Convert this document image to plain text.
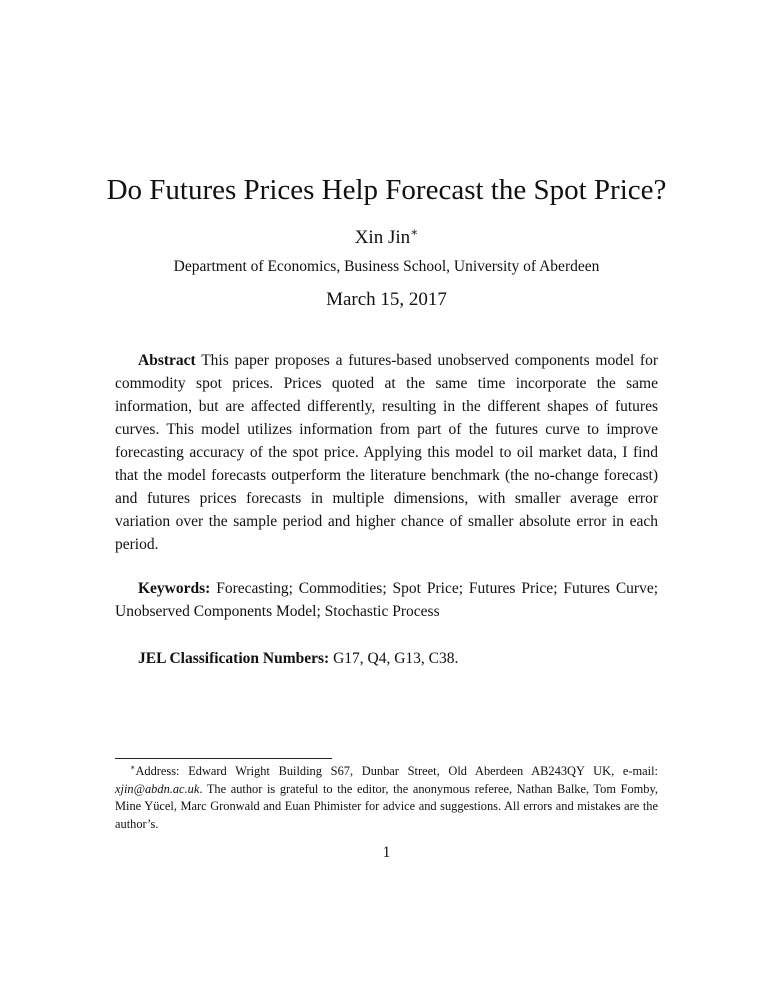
Do Futures Prices Help Forecast the Spot Price?
Xin Jin∗
Department of Economics, Business School, University of Aberdeen
March 15, 2017

Abstract This paper proposes a futures-based unobserved components model for commodity spot prices. Prices quoted at the same time incorporate the same information, but are affected differently, resulting in the different shapes of futures curves. This model utilizes information from part of the futures curve to improve forecasting accuracy of the spot price. Applying this model to oil market data, I find that the model forecasts outperform the literature benchmark (the no-change forecast) and futures prices forecasts in multiple dimensions, with smaller average error variation over the sample period and higher chance of smaller absolute error in each period.

Keywords: Forecasting; Commodities; Spot Price; Futures Price; Futures Curve; Unobserved Components Model; Stochastic Process

JEL Classification Numbers: G17, Q4, G13, C38.

∗Address: Edward Wright Building S67, Dunbar Street, Old Aberdeen AB243QY UK, e-mail: xjin@abdn.ac.uk. The author is grateful to the editor, the anonymous referee, Nathan Balke, Tom Fomby, Mine Yücel, Marc Gronwald and Euan Phimister for advice and suggestions. All errors and mistakes are the author’s.

1
